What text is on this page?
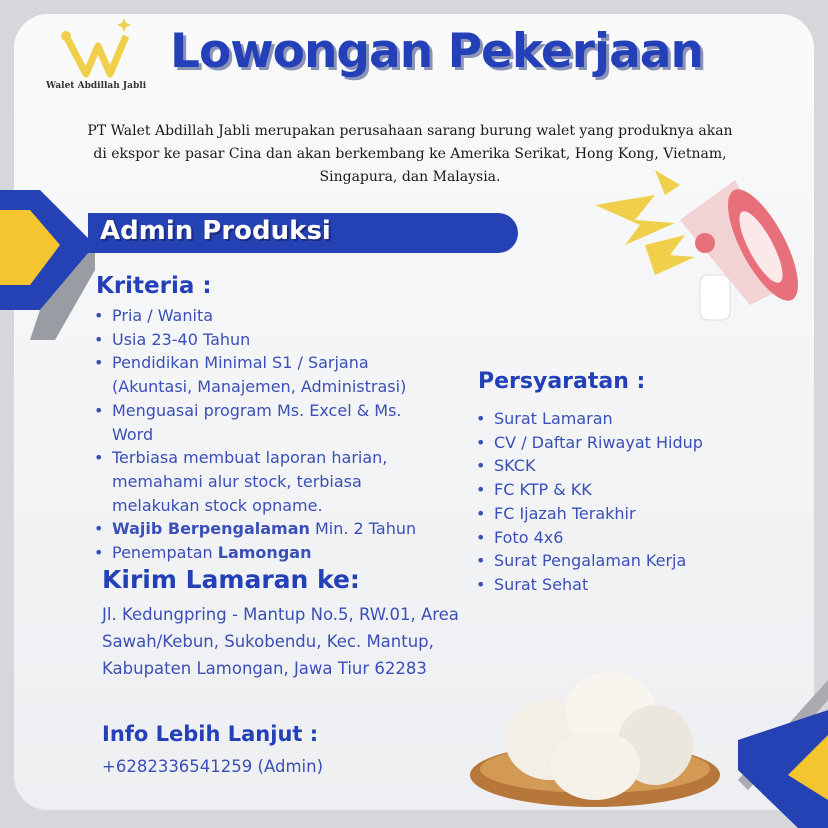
Walet Abdillah Jabli
Lowongan Pekerjaan
PT Walet Abdillah Jabli merupakan perusahaan sarang burung walet yang produknya akan di ekspor ke pasar Cina dan akan berkembang ke Amerika Serikat, Hong Kong, Vietnam, Singapura, dan Malaysia.
Admin Produksi
Kriteria :
• Pria / Wanita
• Usia 23-40 Tahun
• Pendidikan Minimal S1 / Sarjana (Akuntasi, Manajemen, Administrasi)
• Menguasai program Ms. Excel & Ms. Word
• Terbiasa membuat laporan harian, memahami alur stock, terbiasa melakukan stock opname.
• Wajib Berpengalaman Min. 2 Tahun
• Penempatan Lamongan
Persyaratan :
• Surat Lamaran
• CV / Daftar Riwayat Hidup
• SKCK
• FC KTP & KK
• FC Ijazah Terakhir
• Foto 4x6
• Surat Pengalaman Kerja
• Surat Sehat
Kirim Lamaran ke:
Jl. Kedungpring - Mantup No.5, RW.01, Area Sawah/Kebun, Sukobendu, Kec. Mantup, Kabupaten Lamongan, Jawa Tiur 62283
Info Lebih Lanjut :
+6282336541259 (Admin)
